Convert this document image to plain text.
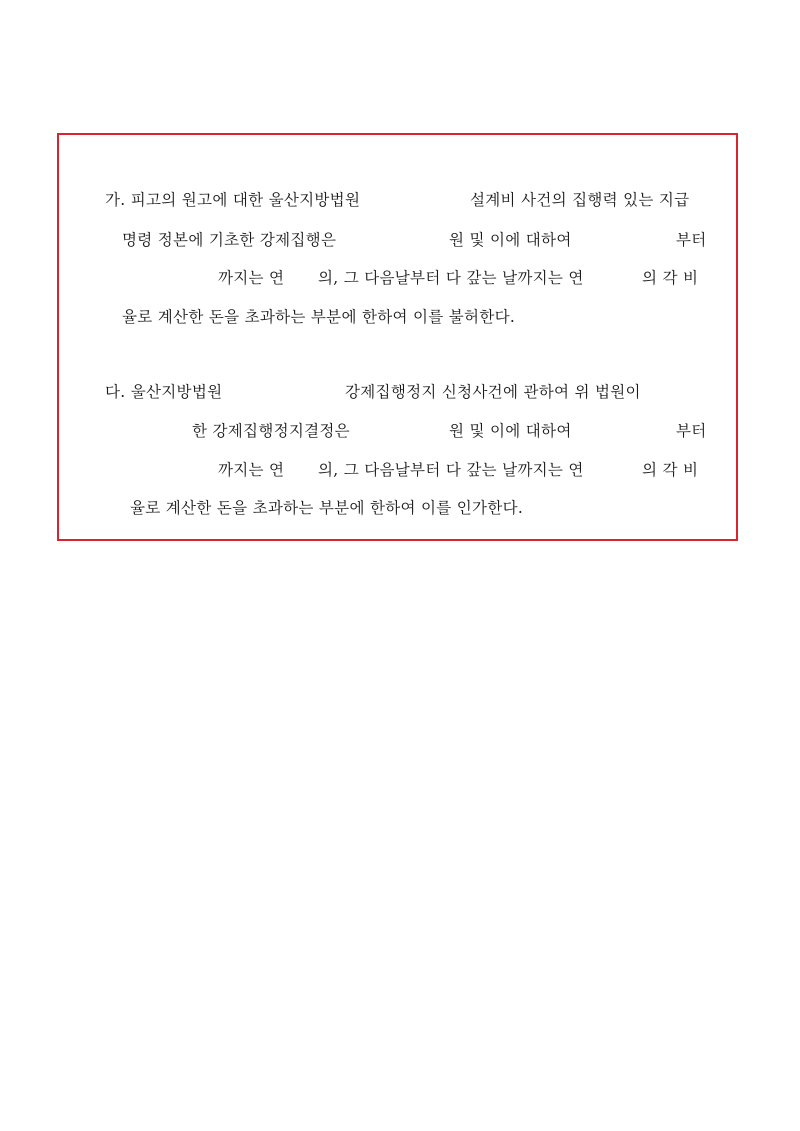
가. 피고의 원고에 대한 울산지방법원

	설계비 사건의 집행력 있는 지급

명령 정본에 기초한 강제집행은

	원 및 이에 대하여

	부터

까지는 연

의, 그 다음날부터 다 갚는 날까지는 연

	의 각 비

율로 계산한 돈을 초과하는 부분에 한하여 이를 불허한다.

다. 울산지방법원

	강제집행정지 신청사건에 관하여 위 법원이

한 강제집행정지결정은

	원 및 이에 대하여

	부터

까지는 연

의, 그 다음날부터 다 갚는 날까지는 연

	의 각 비

율로 계산한 돈을 초과하는 부분에 한하여 이를 인가한다.
